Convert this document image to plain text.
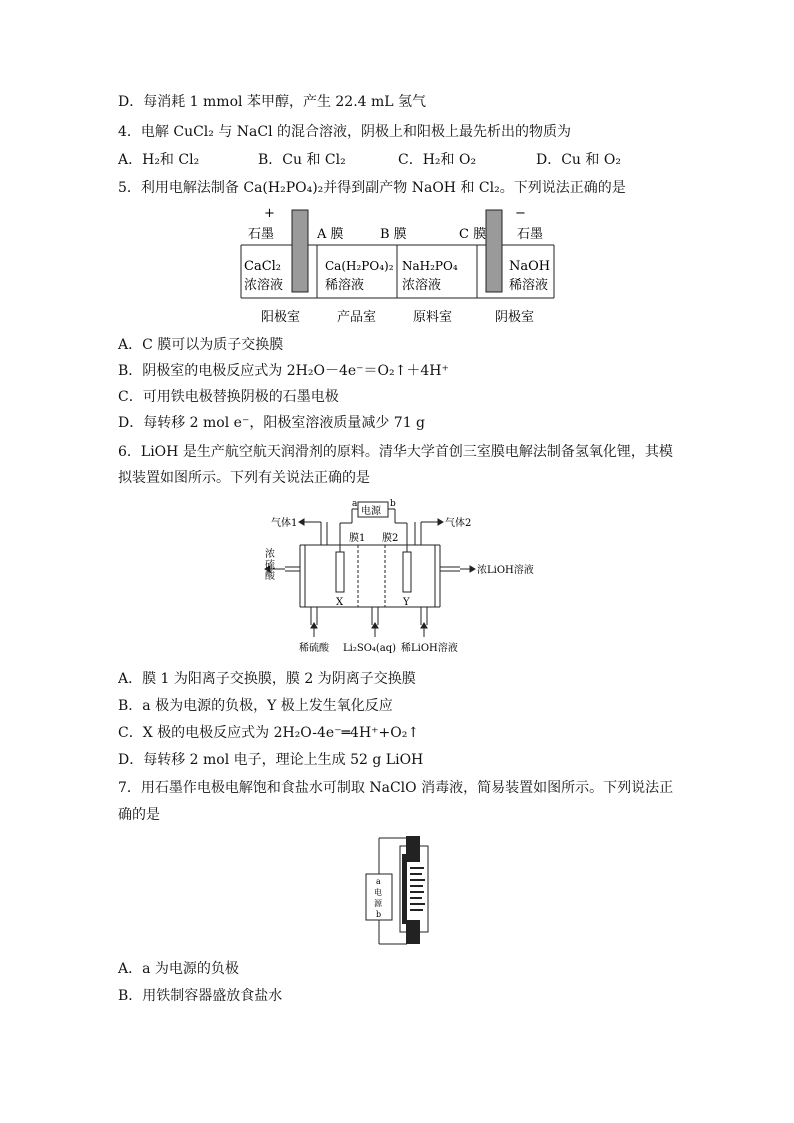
D．每消耗 1 mmol 苯甲醇，产生 22.4 mL 氢气
4．电解 CuCl₂ 与 NaCl 的混合溶液，阴极上和阳极上最先析出的物质为
A．H₂和 Cl₂	B．Cu 和 Cl₂	C．H₂和 O₂	D．Cu 和 O₂
5．利用电解法制备 Ca(H₂PO₄)₂并得到副产物 NaOH 和 Cl₂。下列说法正确的是
+	−
石墨	A 膜	B 膜	C 膜 石墨
CaCl₂
浓溶液
Ca(H₂PO₄)₂
稀溶液
NaH₂PO₄
浓溶液
NaOH
稀溶液
阳极室	产品室	原料室	阴极室
A．C 膜可以为质子交换膜
B．阴极室的电极反应式为 2H₂O－4e⁻＝O₂↑＋4H⁺
C．可用铁电极替换阴极的石墨电极
D．每转移 2 mol e⁻，阳极室溶液质量减少 71 g
6．LiOH 是生产航空航天润滑剂的原料。清华大学首创三室膜电解法制备氢氧化锂，其模
拟装置如图所示。下列有关说法正确的是
a	b
电源
气体1	气体2
膜1 膜2
浓
硫
酸
浓LiOH溶液
X	Y
稀硫酸 Li₂SO₄(aq) 稀LiOH溶液
A．膜 1 为阳离子交换膜，膜 2 为阴离子交换膜
B．a 极为电源的负极，Y 极上发生氧化反应
C．X 极的电极反应式为 2H₂O-4e⁻═4H⁺+O₂↑
D．每转移 2 mol 电子，理论上生成 52 g LiOH
7．用石墨作电极电解饱和食盐水可制取 NaClO 消毒液，简易装置如图所示。下列说法正
确的是
a
电
源
b
A．a 为电源的负极
B．用铁制容器盛放食盐水
